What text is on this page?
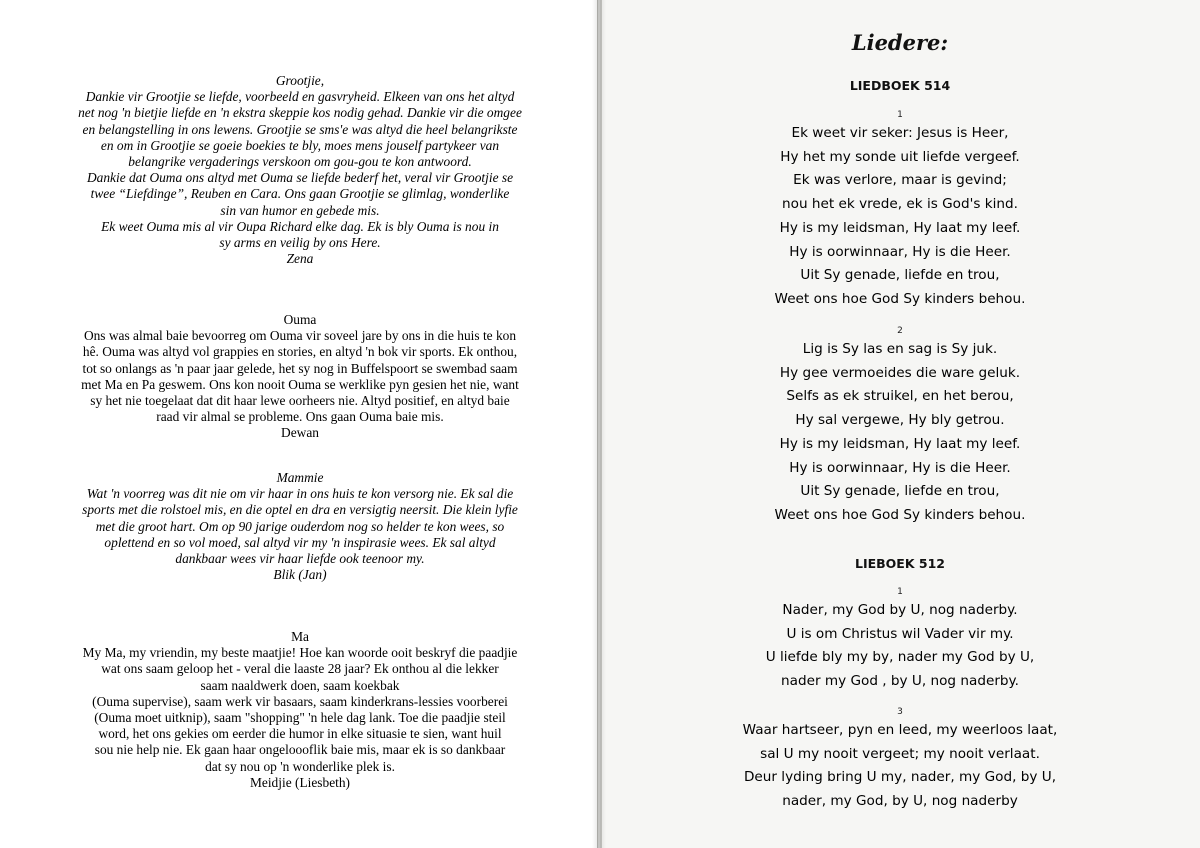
Grootjie,
Dankie vir Grootjie se liefde, voorbeeld en gasvryheid. Elkeen van ons het altyd
net nog 'n bietjie liefde en 'n ekstra skeppie kos nodig gehad. Dankie vir die omgee
en belangstelling in ons lewens. Grootjie se sms'e was altyd die heel belangrikste
en om in Grootjie se goeie boekies te bly, moes mens jouself partykeer van
belangrike vergaderings verskoon om gou-gou te kon antwoord.
Dankie dat Ouma ons altyd met Ouma se liefde bederf het, veral vir Grootjie se
twee “Liefdinge”, Reuben en Cara. Ons gaan Grootjie se glimlag, wonderlike
sin van humor en gebede mis.
Ek weet Ouma mis al vir Oupa Richard elke dag. Ek is bly Ouma is nou in
sy arms en veilig by ons Here.
Zena
Ouma
Ons was almal baie bevoorreg om Ouma vir soveel jare by ons in die huis te kon
hê. Ouma was altyd vol grappies en stories, en altyd 'n bok vir sports. Ek onthou,
tot so onlangs as 'n paar jaar gelede, het sy nog in Buffelspoort se swembad saam
met Ma en Pa geswem. Ons kon nooit Ouma se werklike pyn gesien het nie, want
sy het nie toegelaat dat dit haar lewe oorheers nie. Altyd positief, en altyd baie
raad vir almal se probleme. Ons gaan Ouma baie mis.
Dewan
Mammie
Wat 'n voorreg was dit nie om vir haar in ons huis te kon versorg nie. Ek sal die
sports met die rolstoel mis, en die optel en dra en versigtig neersit. Die klein lyfie
met die groot hart. Om op 90 jarige ouderdom nog so helder te kon wees, so
oplettend en so vol moed, sal altyd vir my 'n inspirasie wees. Ek sal altyd
dankbaar wees vir haar liefde ook teenoor my.
Blik (Jan)
Ma
My Ma, my vriendin, my beste maatjie! Hoe kan woorde ooit beskryf die paadjie
wat ons saam geloop het - veral die laaste 28 jaar? Ek onthou al die lekker
saam naaldwerk doen, saam koekbak
(Ouma supervise), saam werk vir basaars, saam kinderkrans-lessies voorberei
(Ouma moet uitknip), saam "shopping" 'n hele dag lank. Toe die paadjie steil
word, het ons gekies om eerder die humor in elke situasie te sien, want huil
sou nie help nie. Ek gaan haar ongeloooflik baie mis, maar ek is so dankbaar
dat sy nou op 'n wonderlike plek is.
Meidjie (Liesbeth)
Liedere:
LIEDBOEK 514
1
Ek weet vir seker: Jesus is Heer,
Hy het my sonde uit liefde vergeef.
Ek was verlore, maar is gevind;
nou het ek vrede, ek is God's kind.
Hy is my leidsman, Hy laat my leef.
Hy is oorwinnaar, Hy is die Heer.
Uit Sy genade, liefde en trou,
Weet ons hoe God Sy kinders behou.
2
Lig is Sy las en sag is Sy juk.
Hy gee vermoeides die ware geluk.
Selfs as ek struikel, en het berou,
Hy sal vergewe, Hy bly getrou.
Hy is my leidsman, Hy laat my leef.
Hy is oorwinnaar, Hy is die Heer.
Uit Sy genade, liefde en trou,
Weet ons hoe God Sy kinders behou.
LIEBOEK 512
1
Nader, my God by U, nog naderby.
U is om Christus wil Vader vir my.
U liefde bly my by, nader my God by U,
nader my God , by U, nog naderby.
3
Waar hartseer, pyn en leed, my weerloos laat,
sal U my nooit vergeet; my nooit verlaat.
Deur lyding bring U my, nader, my God, by U,
nader, my God, by U, nog naderby
